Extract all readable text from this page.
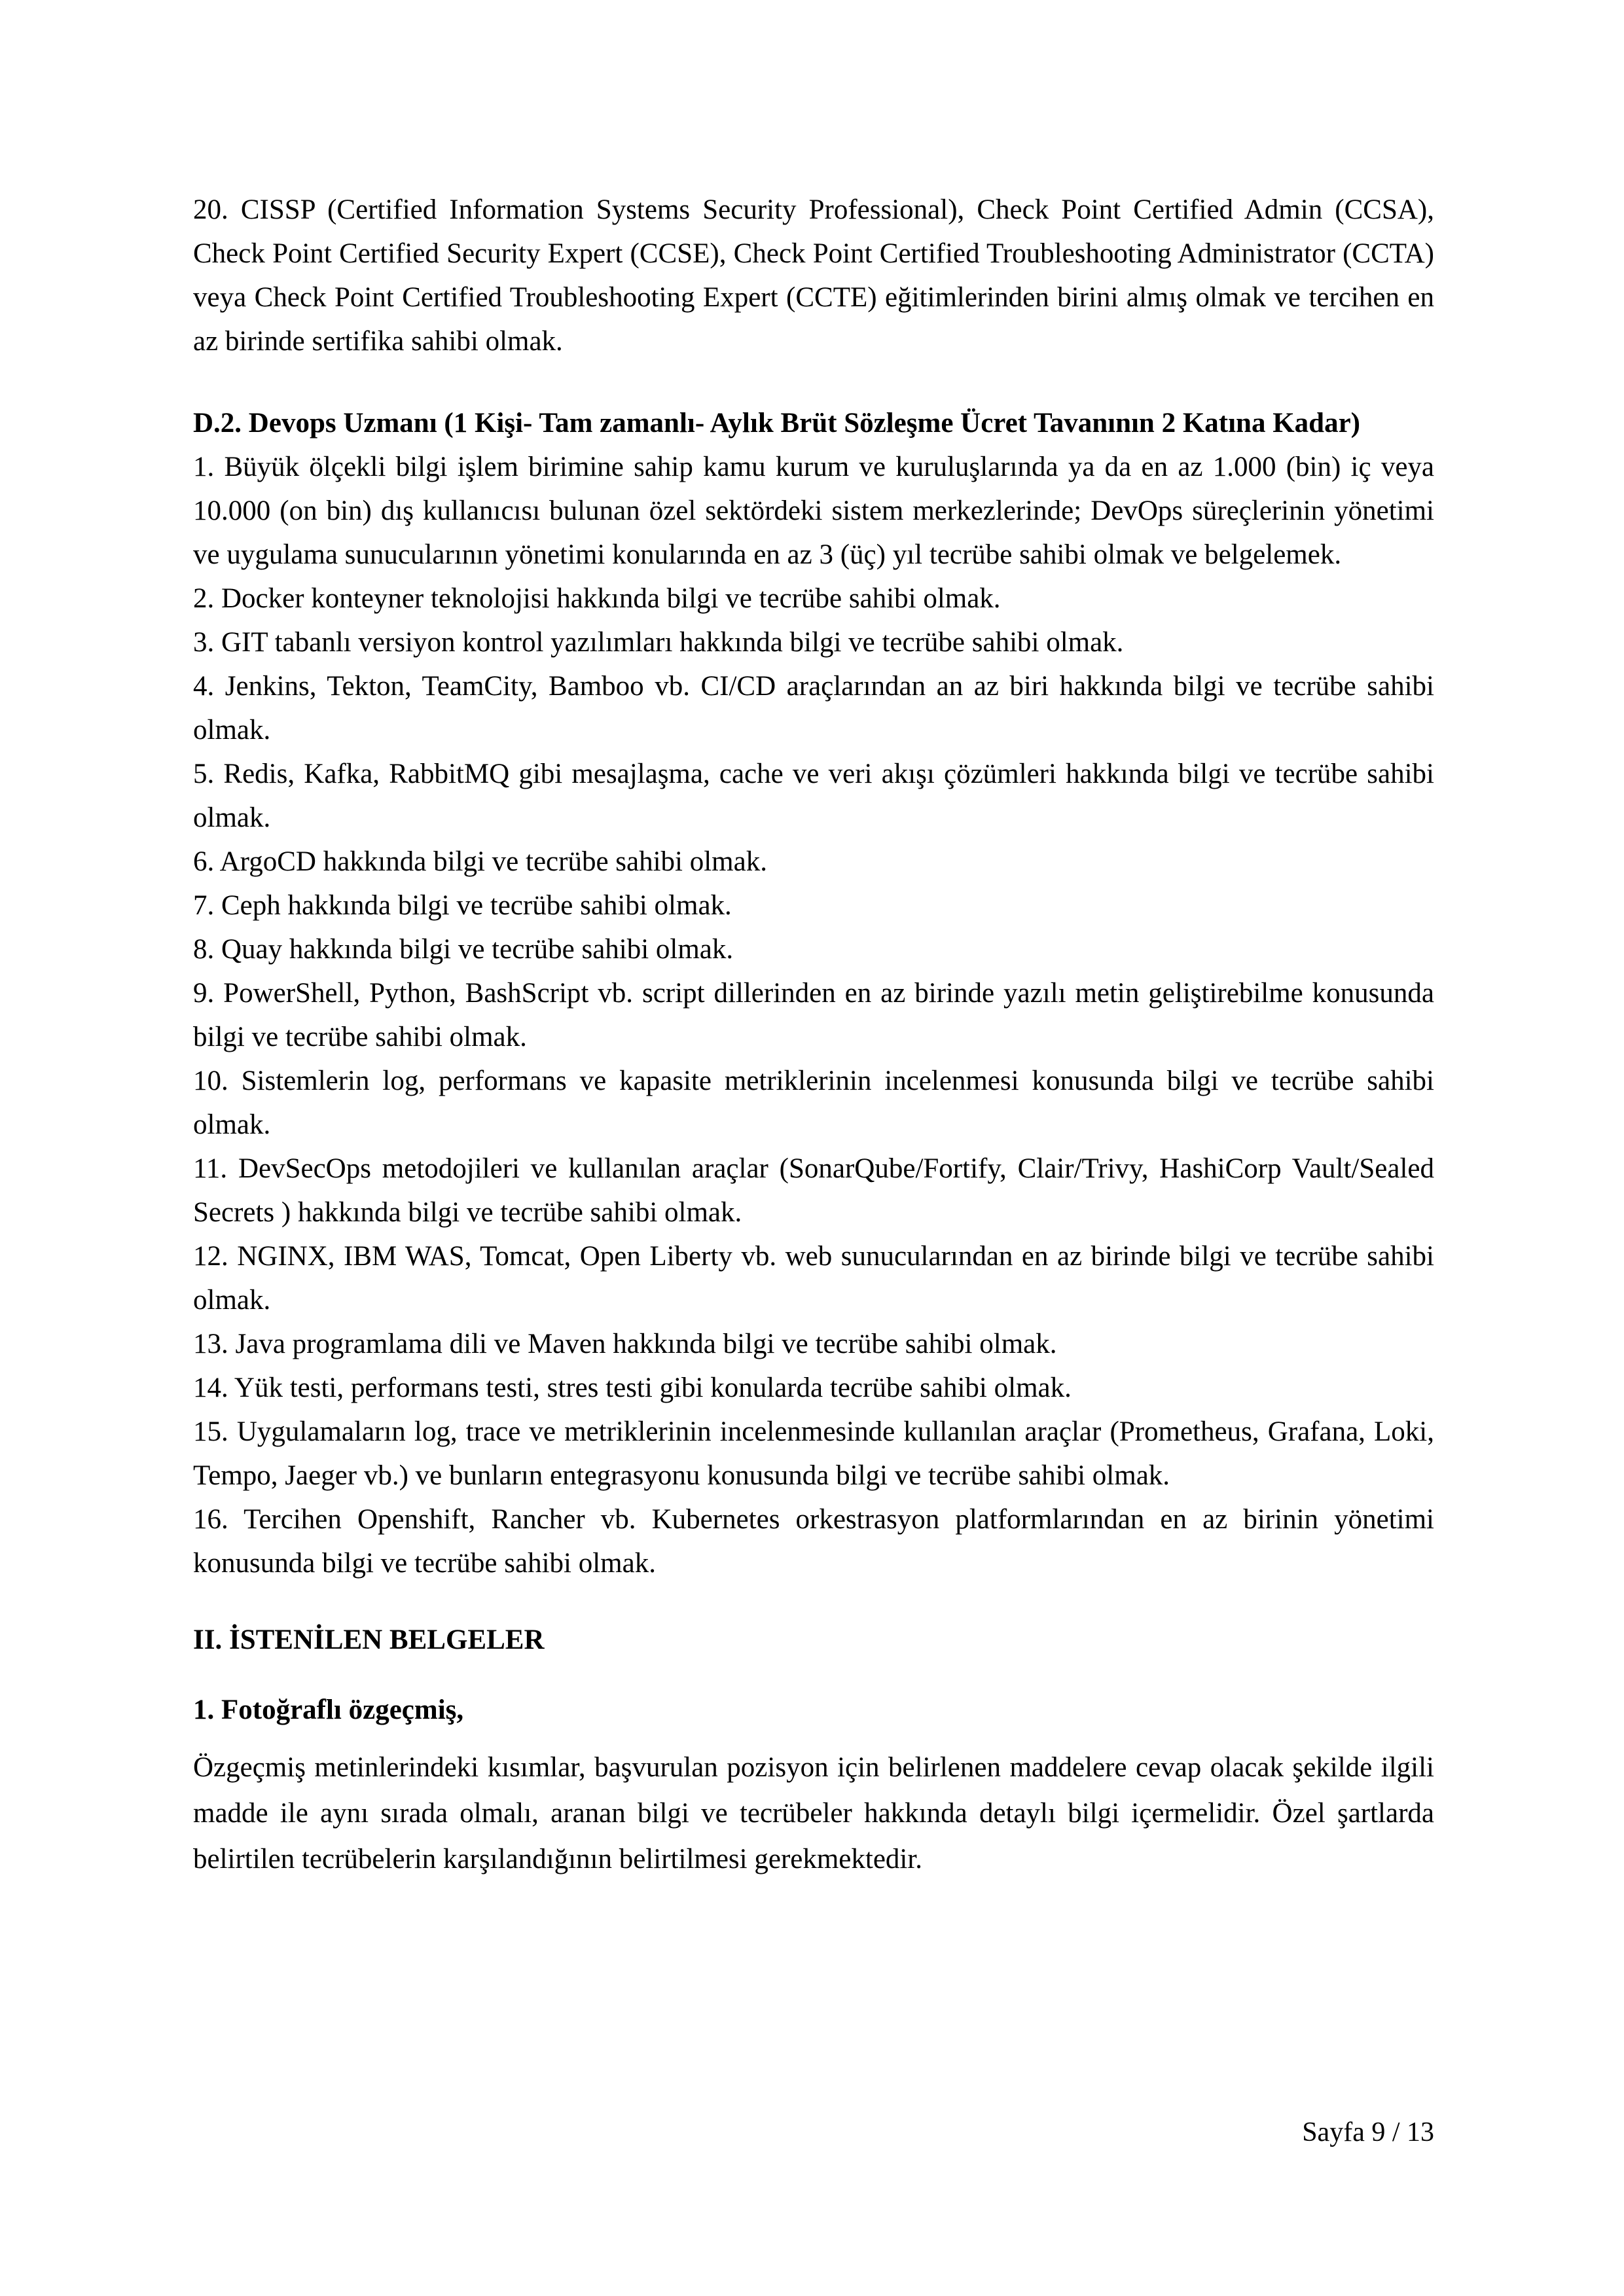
20. CISSP (Certified Information Systems Security Professional), Check Point Certified Admin (CCSA), Check Point Certified Security Expert (CCSE), Check Point Certified Troubleshooting Administrator (CCTA) veya Check Point Certified Troubleshooting Expert (CCTE) eğitimlerinden birini almış olmak ve tercihen en az birinde sertifika sahibi olmak.

D.2. Devops Uzmanı (1 Kişi- Tam zamanlı- Aylık Brüt Sözleşme Ücret Tavanının 2 Katına Kadar)

1. Büyük ölçekli bilgi işlem birimine sahip kamu kurum ve kuruluşlarında ya da en az 1.000 (bin) iç veya 10.000 (on bin) dış kullanıcısı bulunan özel sektördeki sistem merkezlerinde; DevOps süreçlerinin yönetimi ve uygulama sunucularının yönetimi konularında en az 3 (üç) yıl tecrübe sahibi olmak ve belgelemek.

2. Docker konteyner teknolojisi hakkında bilgi ve tecrübe sahibi olmak.

3. GIT tabanlı versiyon kontrol yazılımları hakkında bilgi ve tecrübe sahibi olmak.

4. Jenkins, Tekton, TeamCity, Bamboo vb. CI/CD araçlarından an az biri hakkında bilgi ve tecrübe sahibi olmak.

5. Redis, Kafka, RabbitMQ gibi mesajlaşma, cache ve veri akışı çözümleri hakkında bilgi ve tecrübe sahibi olmak.

6. ArgoCD hakkında bilgi ve tecrübe sahibi olmak.

7. Ceph hakkında bilgi ve tecrübe sahibi olmak.

8. Quay hakkında bilgi ve tecrübe sahibi olmak.

9. PowerShell, Python, BashScript vb. script dillerinden en az birinde yazılı metin geliştirebilme konusunda bilgi ve tecrübe sahibi olmak.

10. Sistemlerin log, performans ve kapasite metriklerinin incelenmesi konusunda bilgi ve tecrübe sahibi olmak.

11. DevSecOps metodojileri ve kullanılan araçlar (SonarQube/Fortify, Clair/Trivy, HashiCorp Vault/Sealed Secrets ) hakkında bilgi ve tecrübe sahibi olmak.

12. NGINX, IBM WAS, Tomcat, Open Liberty vb. web sunucularından en az birinde bilgi ve tecrübe sahibi olmak.

13. Java programlama dili ve Maven hakkında bilgi ve tecrübe sahibi olmak.

14. Yük testi, performans testi, stres testi gibi konularda tecrübe sahibi olmak.

15. Uygulamaların log, trace ve metriklerinin incelenmesinde kullanılan araçlar (Prometheus, Grafana, Loki, Tempo, Jaeger vb.) ve bunların entegrasyonu konusunda bilgi ve tecrübe sahibi olmak.

16. Tercihen Openshift, Rancher vb. Kubernetes orkestrasyon platformlarından en az birinin yönetimi konusunda bilgi ve tecrübe sahibi olmak.

II. İSTENİLEN BELGELER

1. Fotoğraflı özgeçmiş,

Özgeçmiş metinlerindeki kısımlar, başvurulan pozisyon için belirlenen maddelere cevap olacak şekilde ilgili madde ile aynı sırada olmalı, aranan bilgi ve tecrübeler hakkında detaylı bilgi içermelidir. Özel şartlarda belirtilen tecrübelerin karşılandığının belirtilmesi gerekmektedir.

Sayfa 9 / 13
